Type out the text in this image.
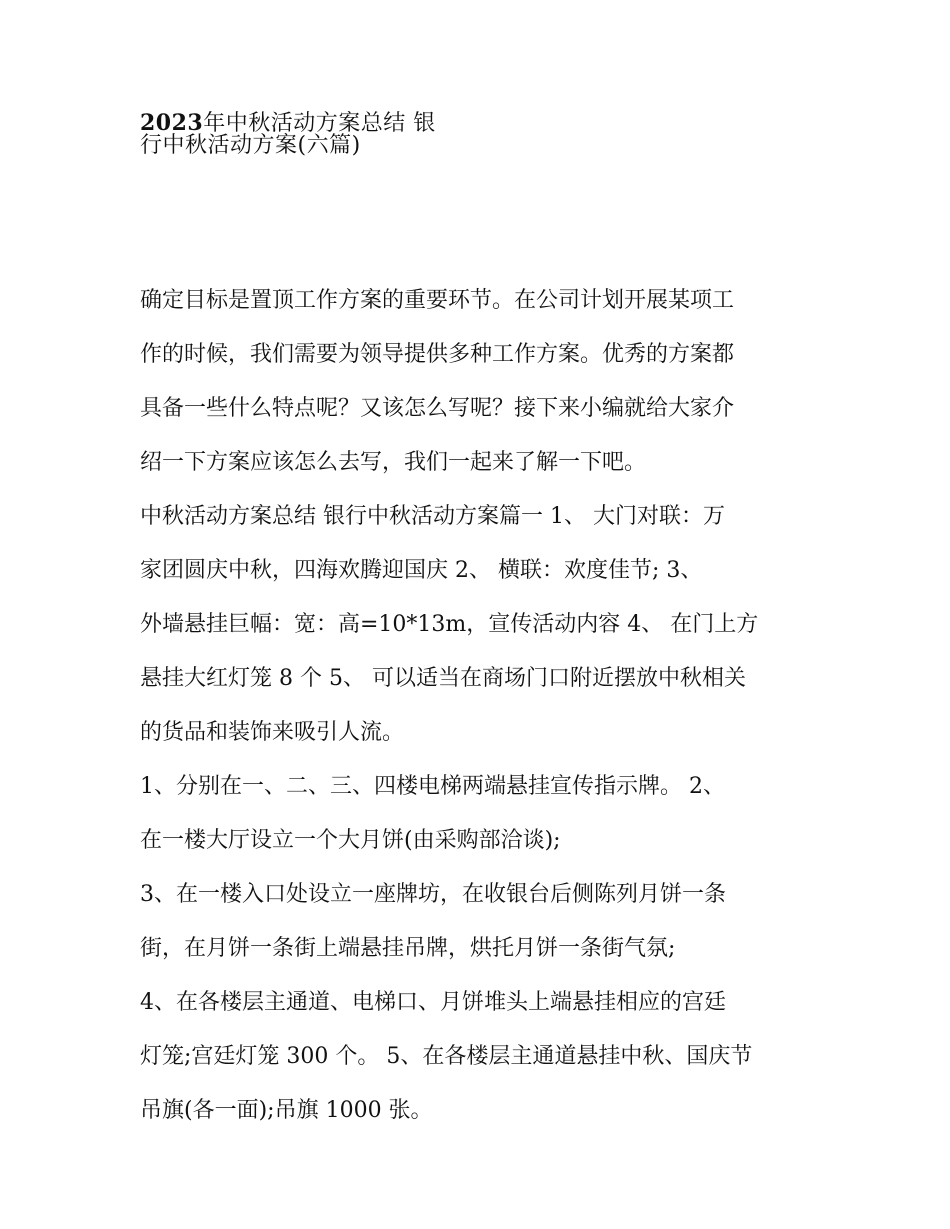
2023年中秋活动方案总结 银
行中秋活动方案(六篇)
确定目标是置顶工作方案的重要环节。在公司计划开展某项工
作的时候，我们需要为领导提供多种工作方案。优秀的方案都
具备一些什么特点呢？又该怎么写呢？接下来小编就给大家介
绍一下方案应该怎么去写，我们一起来了解一下吧。
中秋活动方案总结 银行中秋活动方案篇一 1、 大门对联：万
家团圆庆中秋，四海欢腾迎国庆 2、 横联：欢度佳节; 3、
外墙悬挂巨幅：宽：高=10*13m，宣传活动内容 4、 在门上方
悬挂大红灯笼 8 个 5、 可以适当在商场门口附近摆放中秋相关
的货品和装饰来吸引人流。
1、分别在一、二、三、四楼电梯两端悬挂宣传指示牌。 2、
在一楼大厅设立一个大月饼(由采购部洽谈);
3、在一楼入口处设立一座牌坊，在收银台后侧陈列月饼一条
街，在月饼一条街上端悬挂吊牌，烘托月饼一条街气氛;
4、在各楼层主通道、电梯口、月饼堆头上端悬挂相应的宫廷
灯笼;宫廷灯笼 300 个。 5、在各楼层主通道悬挂中秋、国庆节
吊旗(各一面);吊旗 1000 张。
